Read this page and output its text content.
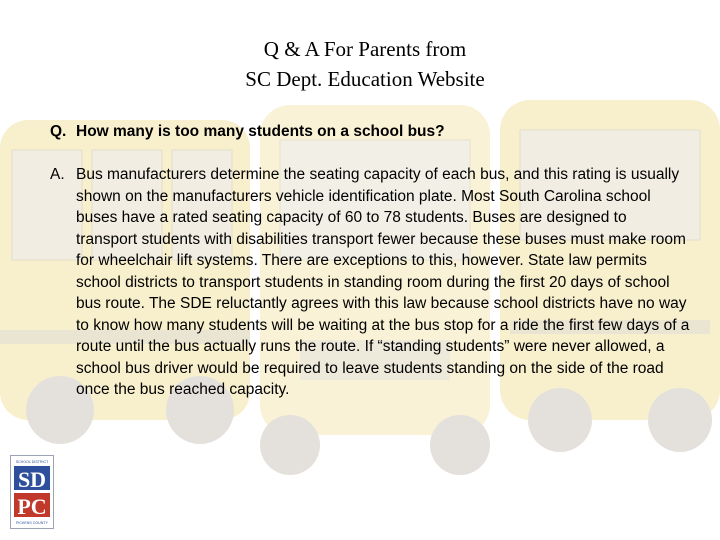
Q & A For Parents from
SC Dept. Education Website
Q. How many is too many students on a school bus?
A. Bus manufacturers determine the seating capacity of each bus, and this rating is usually shown on the manufacturers vehicle identification plate. Most South Carolina school buses have a rated seating capacity of 60 to 78 students. Buses are designed to transport students with disabilities transport fewer because these buses must make room for wheelchair lift systems. There are exceptions to this, however. State law permits school districts to transport students in standing room during the first 20 days of school bus route. The SDE reluctantly agrees with this law because school districts have no way to know how many students will be waiting at the bus stop for a ride the first few days of a route until the bus actually runs the route. If “standing students” were never allowed, a school bus driver would be required to leave students standing on the side of the road once the bus reached capacity.
SCHOOL DISTRICT
SD
PC
PICKENS COUNTY
